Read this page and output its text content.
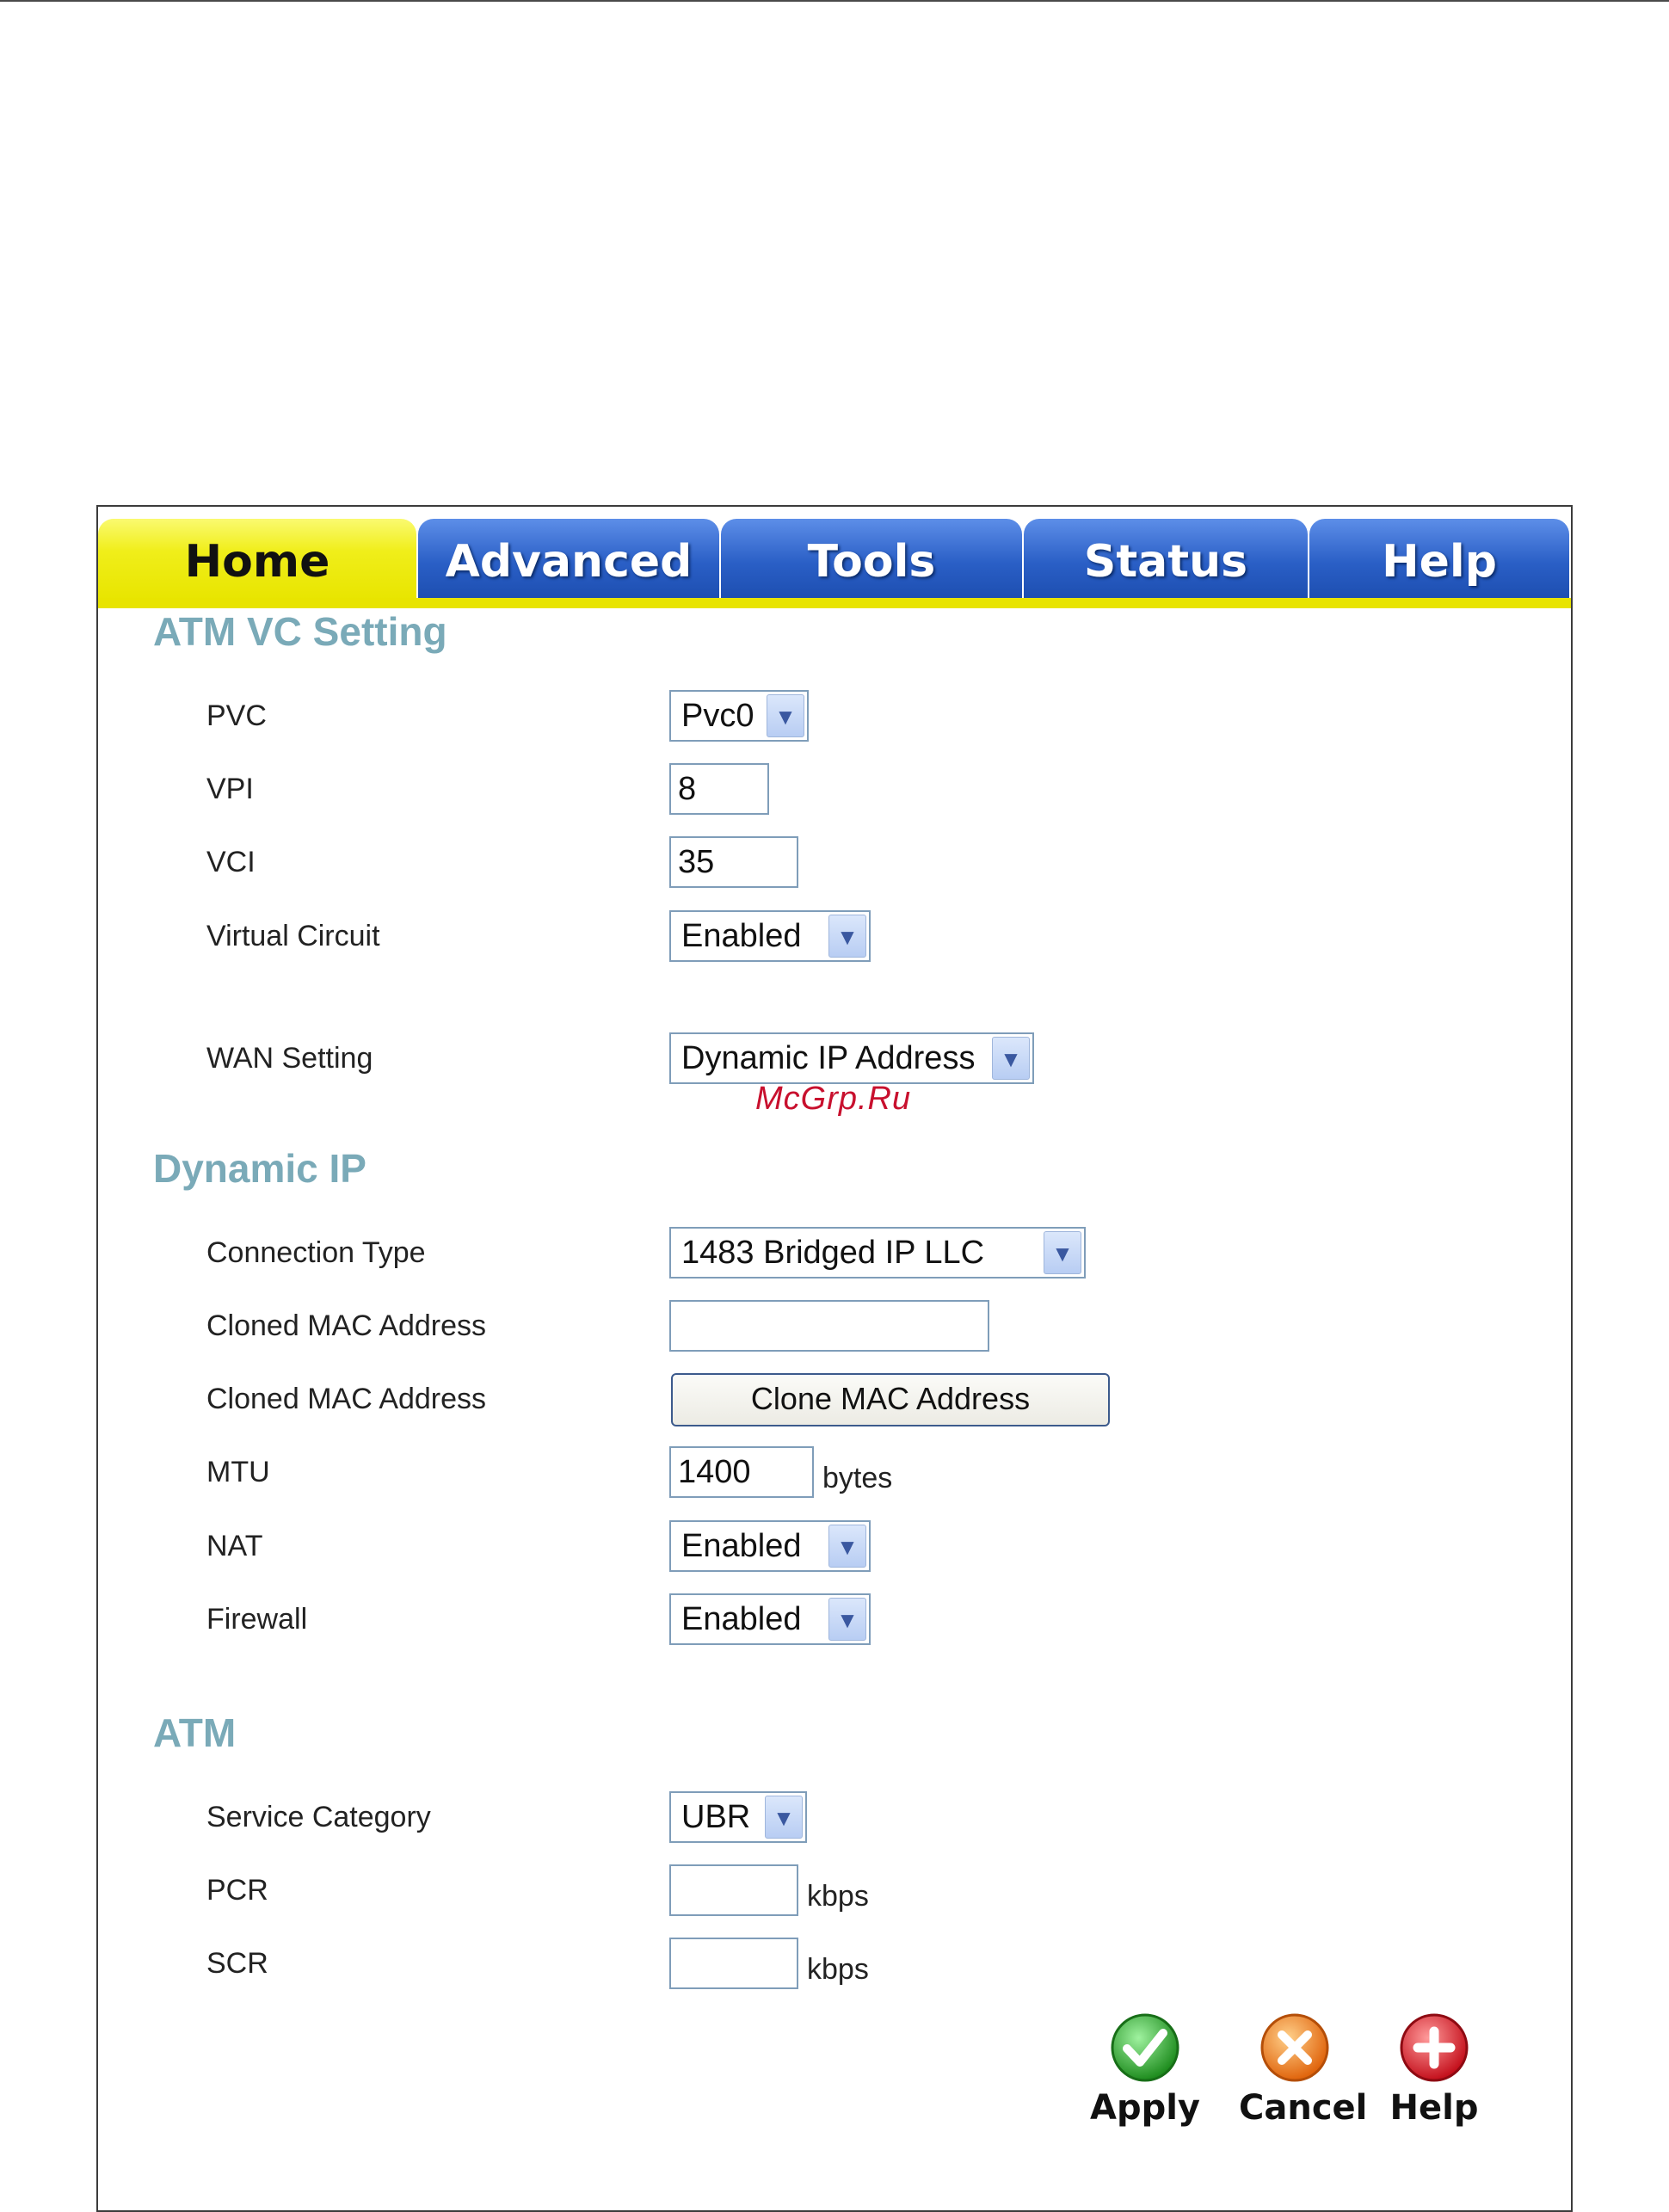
Home	Advanced	Tools	Status	Help
ATM VC Setting
PVC	Pvc0 ▼
VPI	8
VCI	35
Virtual Circuit	Enabled	▼
WAN Setting	Dynamic IP Address	▼
McGrp.Ru
Dynamic IP
Connection Type	1483 Bridged IP LLC	▼
Cloned MAC Address
Cloned MAC Address	Clone MAC Address
MTU	1400 bytes
NAT	Enabled	▼
Firewall	Enabled	▼
ATM
Service Category	UBR ▼
PCR	kbps
SCR	kbps
Apply Cancel Help
